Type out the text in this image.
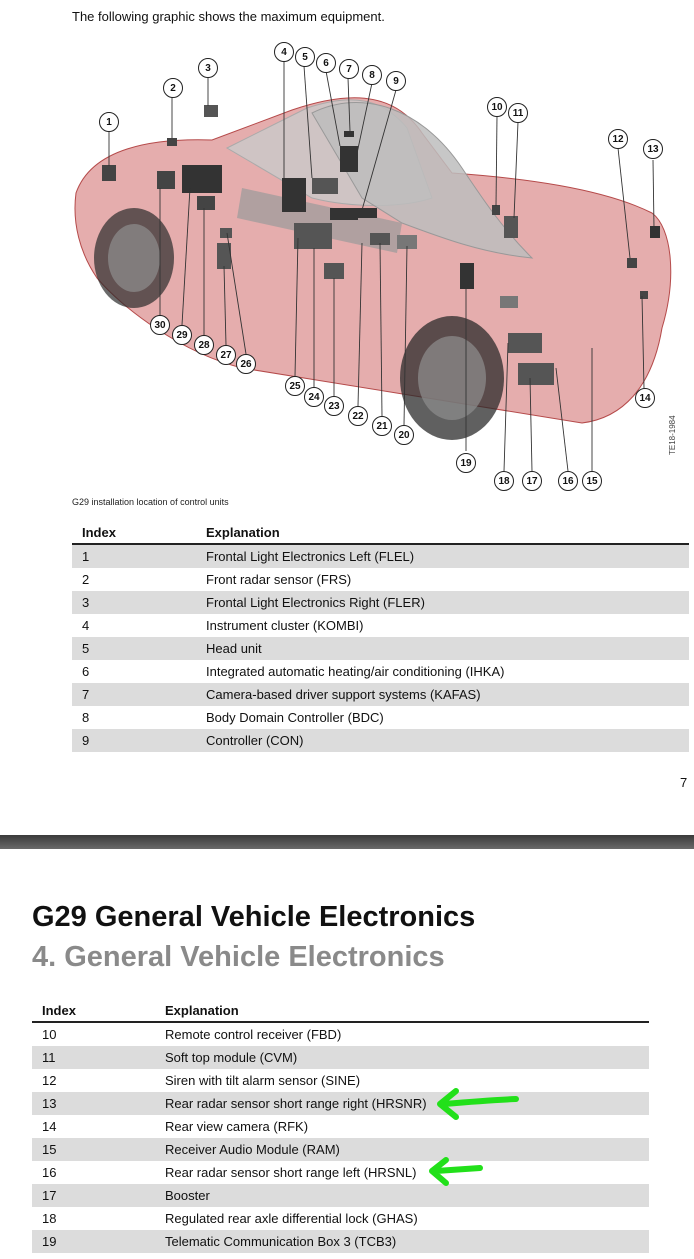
The following graphic shows the maximum equipment.
1
2
3
4	5
6
7
8
9
10
11
12
13
14
15
16
17
18
19
20
21
22
23
24
25
26
27
28
29
30
TE18-1984
G29 installation location of control units
Index	Explanation
1	Frontal Light Electronics Left (FLEL)
2	Front radar sensor (FRS)
3	Frontal Light Electronics Right (FLER)
4	Instrument cluster (KOMBI)
5	Head unit
6	Integrated automatic heating/air conditioning (IHKA)
7	Camera-based driver support systems (KAFAS)
8	Body Domain Controller (BDC)
9	Controller (CON)
7
G29 General Vehicle Electronics
4. General Vehicle Electronics
Index	Explanation
10	Remote control receiver (FBD)
11	Soft top module (CVM)
12	Siren with tilt alarm sensor (SINE)
13	Rear radar sensor short range right (HRSNR)
14	Rear view camera (RFK)
15	Receiver Audio Module (RAM)
16	Rear radar sensor short range left (HRSNL)
17	Booster
18	Regulated rear axle differential lock (GHAS)
19	Telematic Communication Box 3 (TCB3)
